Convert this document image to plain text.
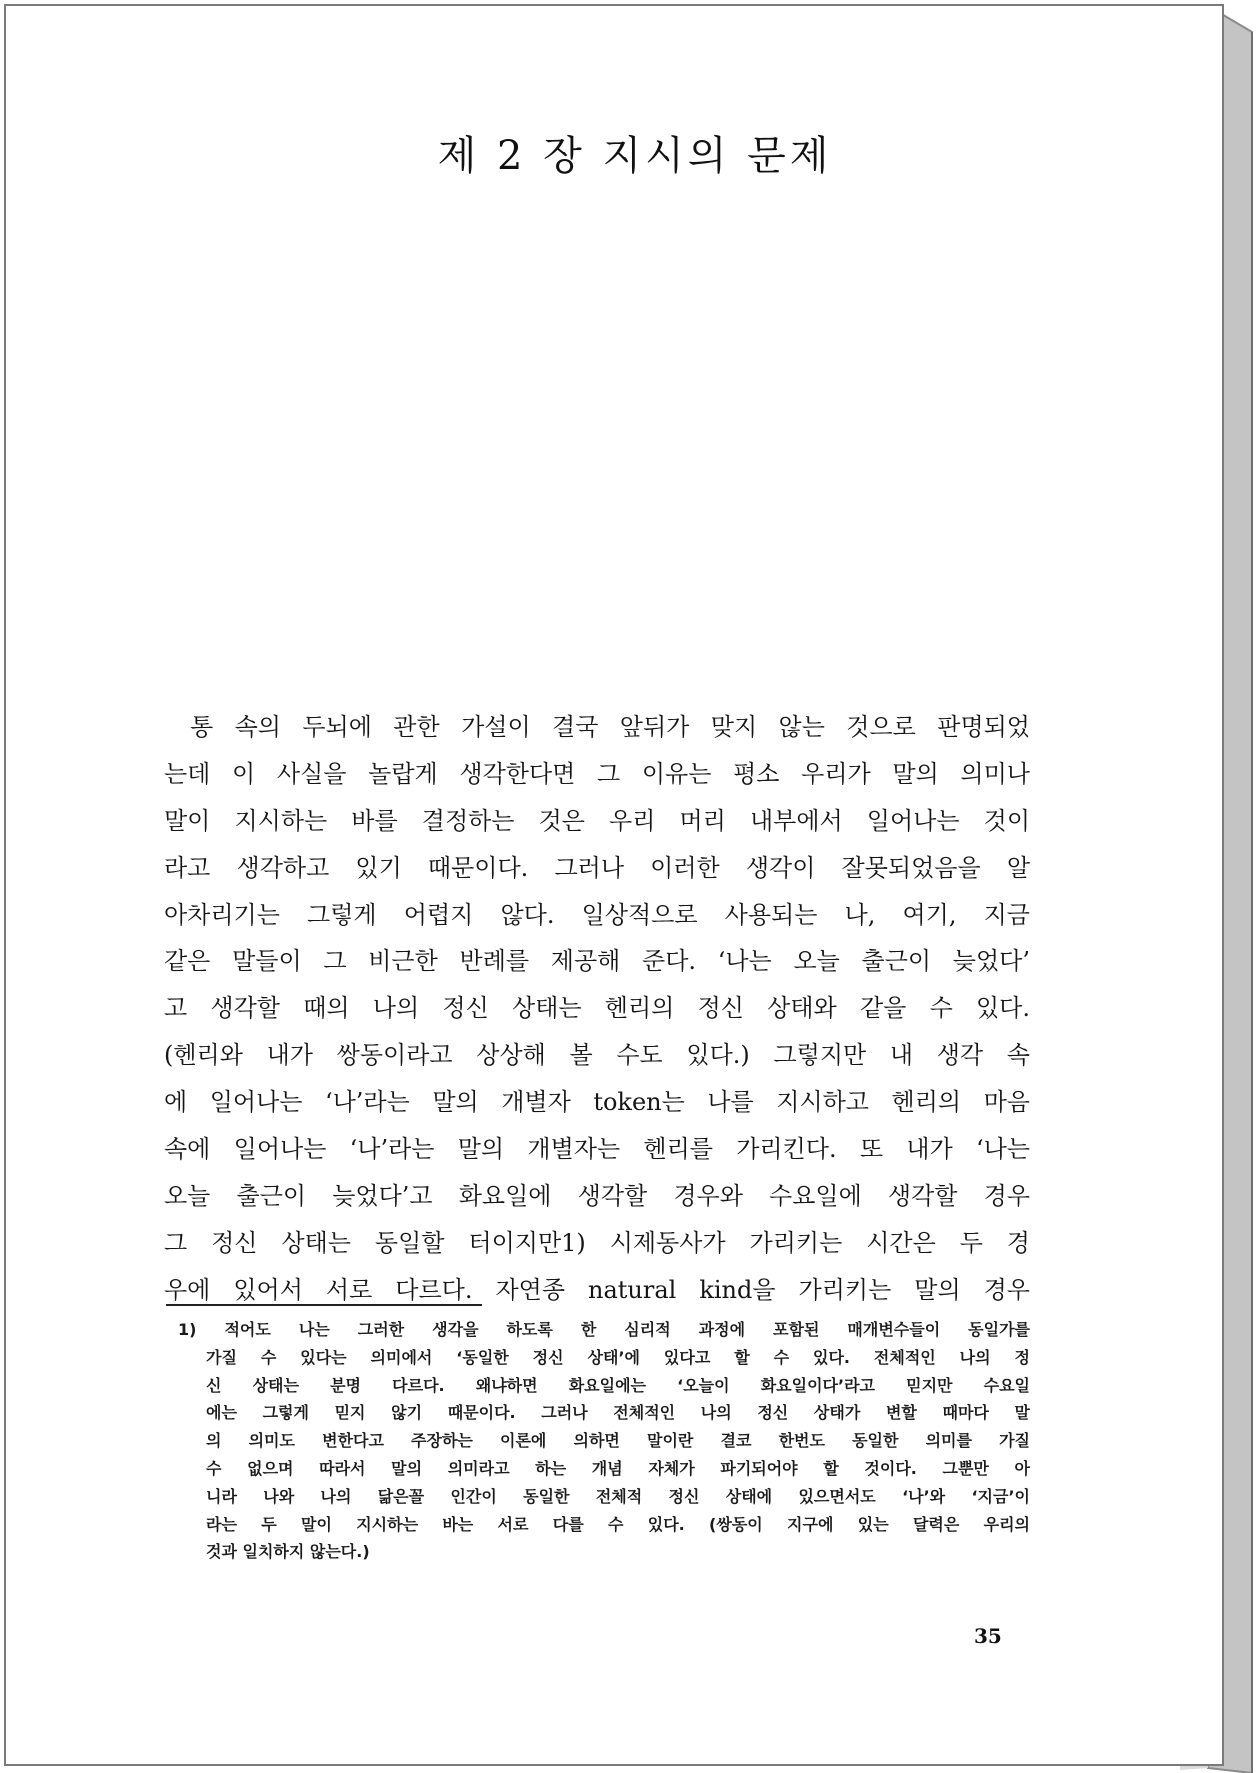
제 2 장 지시의 문제
통 속의 두뇌에 관한 가설이 결국 앞뒤가 맞지 않는 것으로 판명되었
는데 이 사실을 놀랍게 생각한다면 그 이유는 평소 우리가 말의 의미나
말이 지시하는 바를 결정하는 것은 우리 머리 내부에서 일어나는 것이
라고 생각하고 있기 때문이다. 그러나 이러한 생각이 잘못되었음을 알
아차리기는 그렇게 어렵지 않다. 일상적으로 사용되는 나, 여기, 지금
같은 말들이 그 비근한 반례를 제공해 준다. ‘나는 오늘 출근이 늦었다’
고 생각할 때의 나의 정신 상태는 헨리의 정신 상태와 같을 수 있다.
(헨리와 내가 쌍동이라고 상상해 볼 수도 있다.) 그렇지만 내 생각 속
에 일어나는 ‘나’라는 말의 개별자 token는 나를 지시하고 헨리의 마음
속에 일어나는 ‘나’라는 말의 개별자는 헨리를 가리킨다. 또 내가 ‘나는
오늘 출근이 늦었다’고 화요일에 생각할 경우와 수요일에 생각할 경우
그 정신 상태는 동일할 터이지만1) 시제동사가 가리키는 시간은 두 경
우에 있어서 서로 다르다. 자연종 natural kind을 가리키는 말의 경우
1) 적어도 나는 그러한 생각을 하도록 한 심리적 과정에 포함된 매개변수들이 동일가를
가질 수 있다는 의미에서 ‘동일한 정신 상태’에 있다고 할 수 있다. 전체적인 나의 정
신 상태는 분명 다르다. 왜냐하면 화요일에는 ‘오늘이 화요일이다’라고 믿지만 수요일
에는 그렇게 믿지 않기 때문이다. 그러나 전체적인 나의 정신 상태가 변할 때마다 말
의 의미도 변한다고 주장하는 이론에 의하면 말이란 결코 한번도 동일한 의미를 가질
수 없으며 따라서 말의 의미라고 하는 개념 자체가 파기되어야 할 것이다. 그뿐만 아
니라 나와 나의 닮은꼴 인간이 동일한 전체적 정신 상태에 있으면서도 ‘나’와 ‘지금’이
라는 두 말이 지시하는 바는 서로 다를 수 있다. (쌍동이 지구에 있는 달력은 우리의
것과 일치하지 않는다.)
35
